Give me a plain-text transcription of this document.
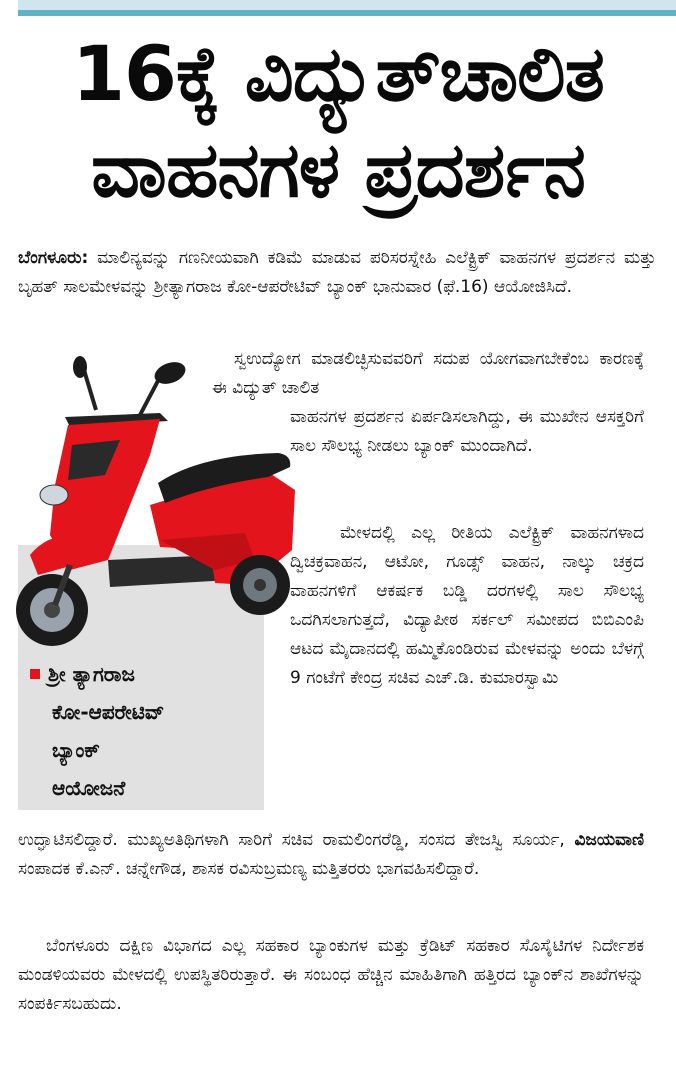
16ಕ್ಕೆ ವಿದ್ಯುತ್‌ಚಾಲಿತ
ವಾಹನಗಳ ಪ್ರದರ್ಶನ

ಬೆಂಗಳೂರು: ಮಾಲಿನ್ಯವನ್ನು ಗಣನೀಯವಾಗಿ ಕಡಿಮೆ ಮಾಡುವ ಪರಿಸರಸ್ನೇಹಿ ಎಲೆಕ್ಟ್ರಿಕ್ ವಾಹನಗಳ ಪ್ರದರ್ಶನ ಮತ್ತು ಬೃಹತ್ ಸಾಲಮೇಳವನ್ನು ಶ್ರೀತ್ಯಾಗರಾಜ ಕೋ-ಆಪರೇಟಿವ್ ಬ್ಯಾಂಕ್ ಭಾನುವಾರ (ಫೆ.16) ಆಯೋಜಿಸಿದೆ.

ಸ್ವಉದ್ಯೋಗ ಮಾಡಲಿಚ್ಛಿಸುವವರಿಗೆ ಸದುಪ ಯೋಗವಾಗಬೇಕೆಂಬ ಕಾರಣಕ್ಕೆ ಈ ವಿದ್ಯುತ್ ಚಾಲಿತ

ವಾಹನಗಳ ಪ್ರದರ್ಶನ ಏರ್ಪಡಿಸಲಾಗಿದ್ದು, ಈ ಮುಖೇನ ಆಸಕ್ತರಿಗೆ ಸಾಲ ಸೌಲಭ್ಯ ನೀಡಲು ಬ್ಯಾಂಕ್ ಮುಂದಾಗಿದೆ.

ಶ್ರೀ ತ್ಯಾಗರಾಜ
ಕೋ-ಆಪರೇಟಿವ್
ಬ್ಯಾಂಕ್
ಆಯೋಜನೆ

ಮೇಳದಲ್ಲಿ ಎಲ್ಲ ರೀತಿಯ ಎಲೆಕ್ಟ್ರಿಕ್ ವಾಹನಗಳಾದ ದ್ವಿಚಕ್ರವಾಹನ, ಆಟೋ, ಗೂಡ್ಸ್ ವಾಹನ, ನಾಲ್ಕು ಚಕ್ರದ ವಾಹನಗಳಿಗೆ ಆಕರ್ಷಕ ಬಡ್ಡಿ ದರಗಳಲ್ಲಿ ಸಾಲ ಸೌಲಭ್ಯ ಒದಗಿಸಲಾಗುತ್ತದೆ, ವಿದ್ಯಾಪೀಠ ಸರ್ಕಲ್ ಸಮೀಪದ ಬಿಬಿಎಂಪಿ ಆಟದ ಮೈದಾನದಲ್ಲಿ ಹಮ್ಮಿಕೊಂಡಿರುವ ಮೇಳವನ್ನು ಅಂದು ಬೆಳಗ್ಗೆ 9 ಗಂಟೆಗೆ ಕೇಂದ್ರ ಸಚಿವ ಎಚ್.ಡಿ. ಕುಮಾರಸ್ವಾಮಿ

ಉದ್ಘಾಟಿಸಲಿದ್ದಾರೆ. ಮುಖ್ಯಅತಿಥಿಗಳಾಗಿ ಸಾರಿಗೆ ಸಚಿವ ರಾಮಲಿಂಗರೆಡ್ಡಿ, ಸಂಸದ ತೇಜಸ್ವಿ ಸೂರ್ಯ, ವಿಜಯವಾಣಿ ಸಂಪಾದಕ ಕೆ.ಎನ್. ಚನ್ನೇಗೌಡ, ಶಾಸಕ ರವಿಸುಬ್ರಮಣ್ಯ ಮತ್ತಿತರರು ಭಾಗವಹಿಸಲಿದ್ದಾರೆ.

ಬೆಂಗಳೂರು ದಕ್ಷಿಣ ವಿಭಾಗದ ಎಲ್ಲ ಸಹಕಾರ ಬ್ಯಾಂಕುಗಳ ಮತ್ತು ಕ್ರೆಡಿಟ್ ಸಹಕಾರ ಸೊಸೈಟಿಗಳ ನಿರ್ದೇಶಕ ಮಂಡಳಿಯವರು ಮೇಳದಲ್ಲಿ ಉಪಸ್ಥಿತರಿರುತ್ತಾರೆ. ಈ ಸಂಬಂಧ ಹೆಚ್ಚಿನ ಮಾಹಿತಿಗಾಗಿ ಹತ್ತಿರದ ಬ್ಯಾಂಕ್‌ನ ಶಾಖೆಗಳನ್ನು ಸಂಪರ್ಕಿಸಬಹುದು.
